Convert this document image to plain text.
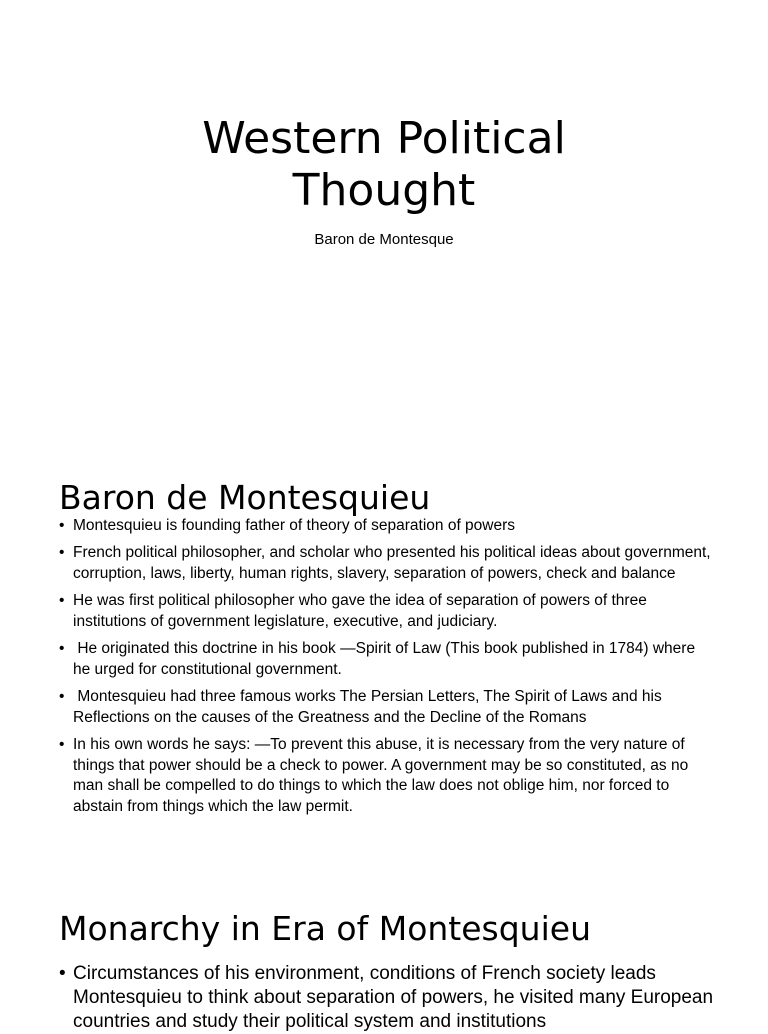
Western Political
Thought

Baron de Montesque

Baron de Montesquieu
• Montesquieu is founding father of theory of separation of powers
• French political philosopher, and scholar who presented his political ideas about government, corruption, laws, liberty, human rights, slavery, separation of powers, check and balance
• He was first political philosopher who gave the idea of separation of powers of three institutions of government legislature, executive, and judiciary.
• He originated this doctrine in his book ―Spirit of Law (This book published in 1784) where he urged for constitutional government.
• Montesquieu had three famous works The Persian Letters, The Spirit of Laws and his Reflections on the causes of the Greatness and the Decline of the Romans
• In his own words he says: ―To prevent this abuse, it is necessary from the very nature of things that power should be a check to power. A government may be so constituted, as no man shall be compelled to do things to which the law does not oblige him, nor forced to abstain from things which the law permit.
Monarchy in Era of Montesquieu
• Circumstances of his environment, conditions of French society leads Montesquieu to think about separation of powers, he visited many European countries and study their political system and institutions
